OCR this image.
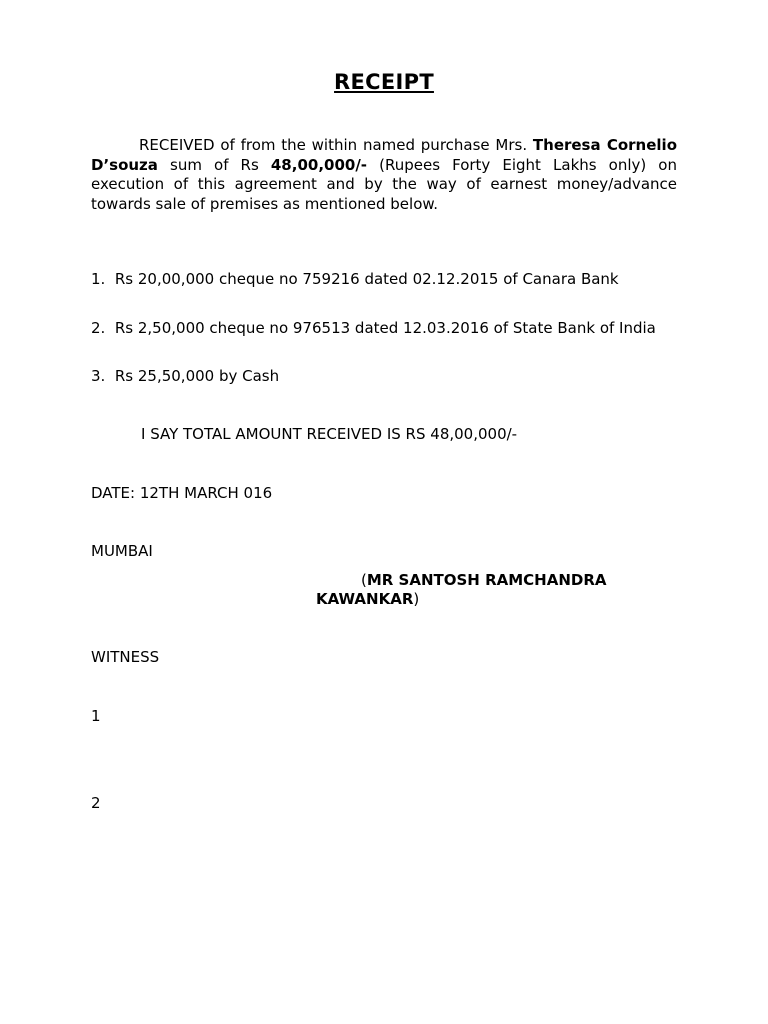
RECEIPT
RECEIVED of from the within named purchase Mrs. Theresa Cornelio D’souza sum of Rs 48,00,000/- (Rupees Forty Eight Lakhs only) on execution of this agreement and by the way of earnest money/advance towards sale of premises as mentioned below.
1. Rs 20,00,000 cheque no 759216 dated 02.12.2015 of Canara Bank
2. Rs 2,50,000 cheque no 976513 dated 12.03.2016 of State Bank of India
3. Rs 25,50,000 by Cash
I SAY TOTAL AMOUNT RECEIVED IS RS 48,00,000/-
DATE: 12TH MARCH 016
MUMBAI
(MR SANTOSH RAMCHANDRA
KAWANKAR)
WITNESS
1
2
